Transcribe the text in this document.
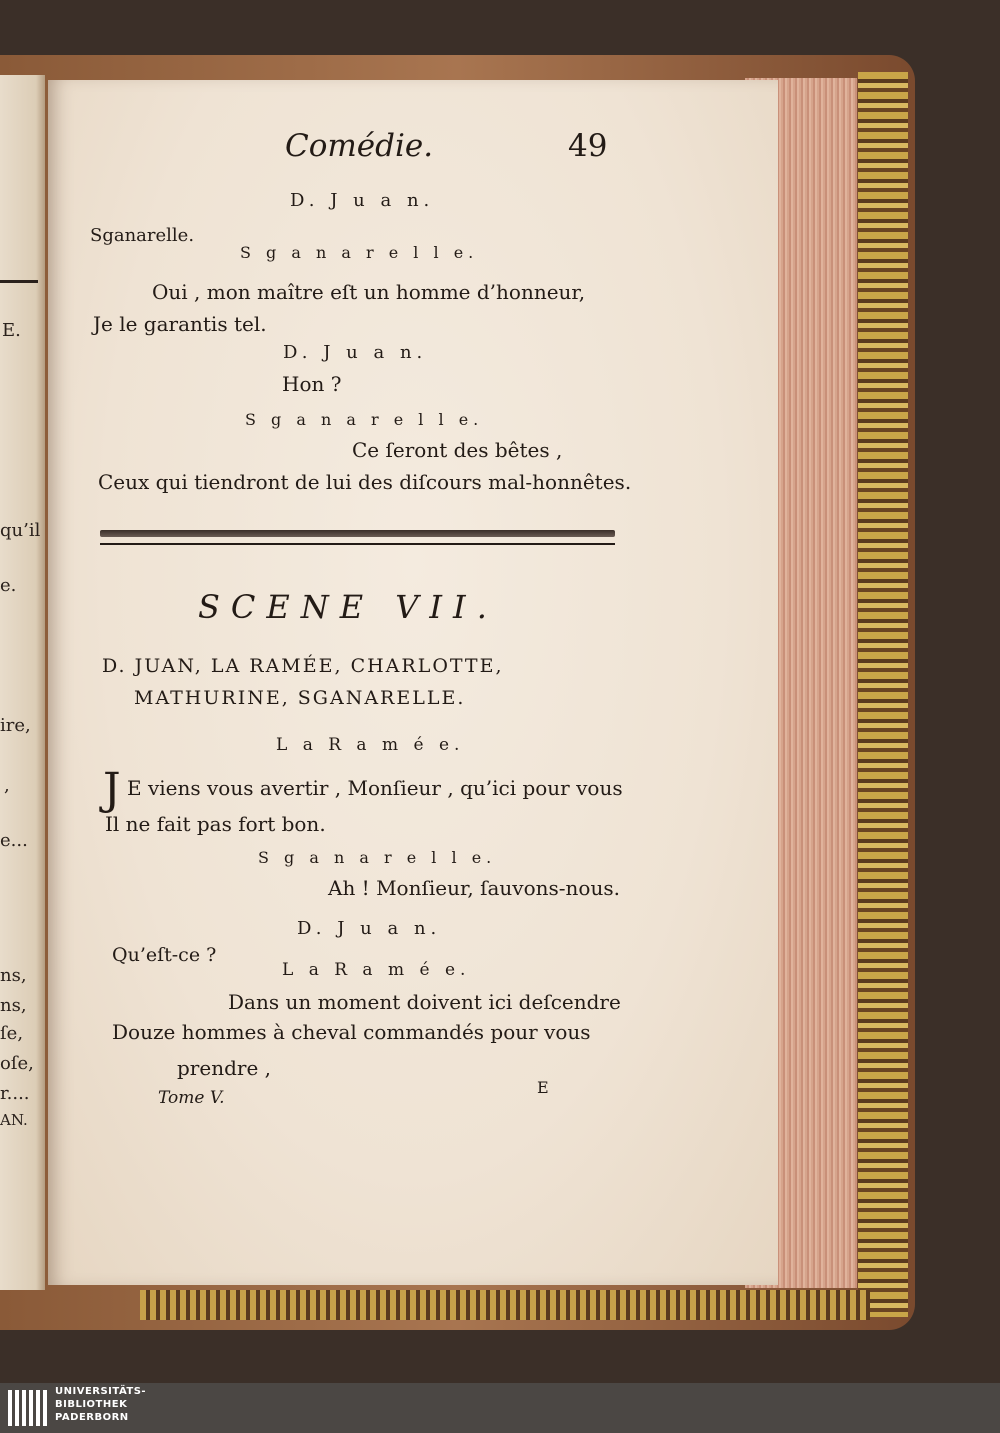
E.
qu’il
e.
ire,
,
e...
ns,
ns,
ſe,
oſe,
r....
AN.
Comédie.	49
D. J u a n.
Sganarelle.
S g a n a r e l l e.
Oui , mon maître eſt un homme d’honneur,
Je le garantis tel.
D. J u a n.
Hon ?
S g a n a r e l l e.
Ce ſeront des bêtes ,
Ceux qui tiendront de lui des diſcours mal-honnêtes.
SCENE VII.
D. JUAN, LA RAMÉE, CHARLOTTE,
MATHURINE, SGANARELLE.
L a R a m é e.
J E viens vous avertir , Monſieur , qu’ici pour vous
Il ne fait pas fort bon.
S g a n a r e l l e.
Ah ! Monſieur, ſauvons-nous.
D. J u a n.
Qu’eſt-ce ?
L a R a m é e.
Dans un moment doivent ici deſcendre
Douze hommes à cheval commandés pour vous
prendre ,
Tome V.
E
UNIVERSITÄTS-
BIBLIOTHEK
PADERBORN
